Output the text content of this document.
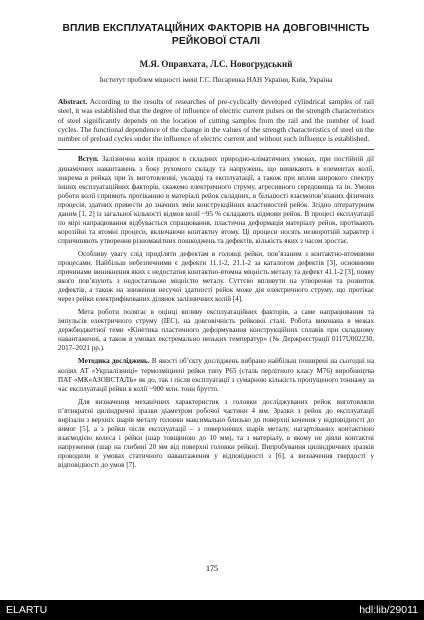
ВПЛИВ ЕКСПЛУАТАЦІЙНИХ ФАКТОРІВ НА ДОВГОВІЧНІСТЬ РЕЙКОВОЇ СТАЛІ
М.Я. Оправхата, Л.С. Новогрудський
Інститут проблем міцності імені Г.С. Писаренка НАН України, Київ, Україна
Abstract. According to the results of researches of pre-cyclically developed cylindrical samples of rail steel, it was established that the degree of influence of electric current pulses on the strength characteristics of steel significantly depends on the location of cutting samples from the rail and the number of load cycles. The functional dependence of the change in the values of the strength characteristics of steel on the number of preload cycles under the influence of electric current and without such influence is established.

Вступ. Залізнична колія працює в складних природно-кліматичних умовах, при постійній дії динамічних навантажень з боку рухомого складу та напружень, що виникають в елементах колії, зокрема в рейках при їх виготовленні, укладці та експлуатації, а також при вплив широкого спектру інших експлуатаційних факторів, скажемо електричного струму, агресивного середовища та ін. Умови роботи колії сприяють протіканню в матеріалі рейок складних, в більшості взаємопов’язаних фізичних процесів, здатних привести до значних змін конструкційних властивостей рейок. Згідно літературним даним [1, 2] із загальної кількості відмов колії ~95 % складають відмови рейок. В процесі експлуатації по мірі напрацювання відбувається спрацювання, пластична деформація матеріалу рейок, протікають корозійні та втомні процеси, включаючи контактну втому. Ці процеси носять незворотній характер і спричиняють утворення різноманітних пошкоджень та дефектів, кількість яких з часом зростає.

Особливу увагу слід приділяти дефектам в головці рейки, пов’язаним з контактно-втомними процесами. Найбільш небезпечними є дефекти 11.1-2, 21.1-2 за каталогом дефектів [3], основними причинами виникнення яких є недостатня контактно-втомна міцність металу та дефект 41.1-2 [3], появу якого пов’язують з недостатньою міцністю металу. Суттєво впливути на утворення та розвиток дефектів, а також на зниження несучої здатності рейок може дія електричного струму, що протікає через рейки електрифікованих ділянок залізничних колій [4].

Мета роботи полягає в оцінці впливу експлуатаційних факторів, а саме напрацювання та імпульсів електричного струму (ІЕС), на довговічність рейкової сталі. Робота виконана в межах держбюджетної теми «Кінетика пластичного деформування конструкційних сплавів при складному навантаженні, а також в умовах екстремально низьких температур» (№ Держреєстрації 0117U002230, 2017–2021 рр.).

Методика досліджень. В якості об’єкту досліджень вибрано найбільш поширені на сьогодні на коліях АТ «Укрзалізниці» термозміцнені рейки типу Р65 (сталь перлітного класу М76) виробництва ПАТ «МК«АЗОВСТАЛЬ» як до, так і після експлуатації з сумарною кількість пропущеного тоннажу за час експлуатації рейки в колії ~900 млн. тонн брутто.

Для визначення механічних характеристик з головки досліджуваних рейок виготовляли п’ятикратні циліндричні зразки діаметром робочої частини 4 мм. Зразки з рейок до експлуатації вирізали з верхніх шарів металу головки максимально близько до поверхні кочення у відповідності до вимог [5], а з рейки після експлуатації – з поверхневих шарів металу, нагартованих контактною взаємодією колеса і рейки (шар товщиною до 10 мм), та з матеріалу, в якому не діяли контактні напруження (шар на глибині 20 мм від поверхні головки рейки). Випробування циліндричних зразків проводили в умовах статичного навантаження у відповідності з [6], а визначення твердості у відповідності до умов [7].

175
ELARTU	hdl:lib/29011
